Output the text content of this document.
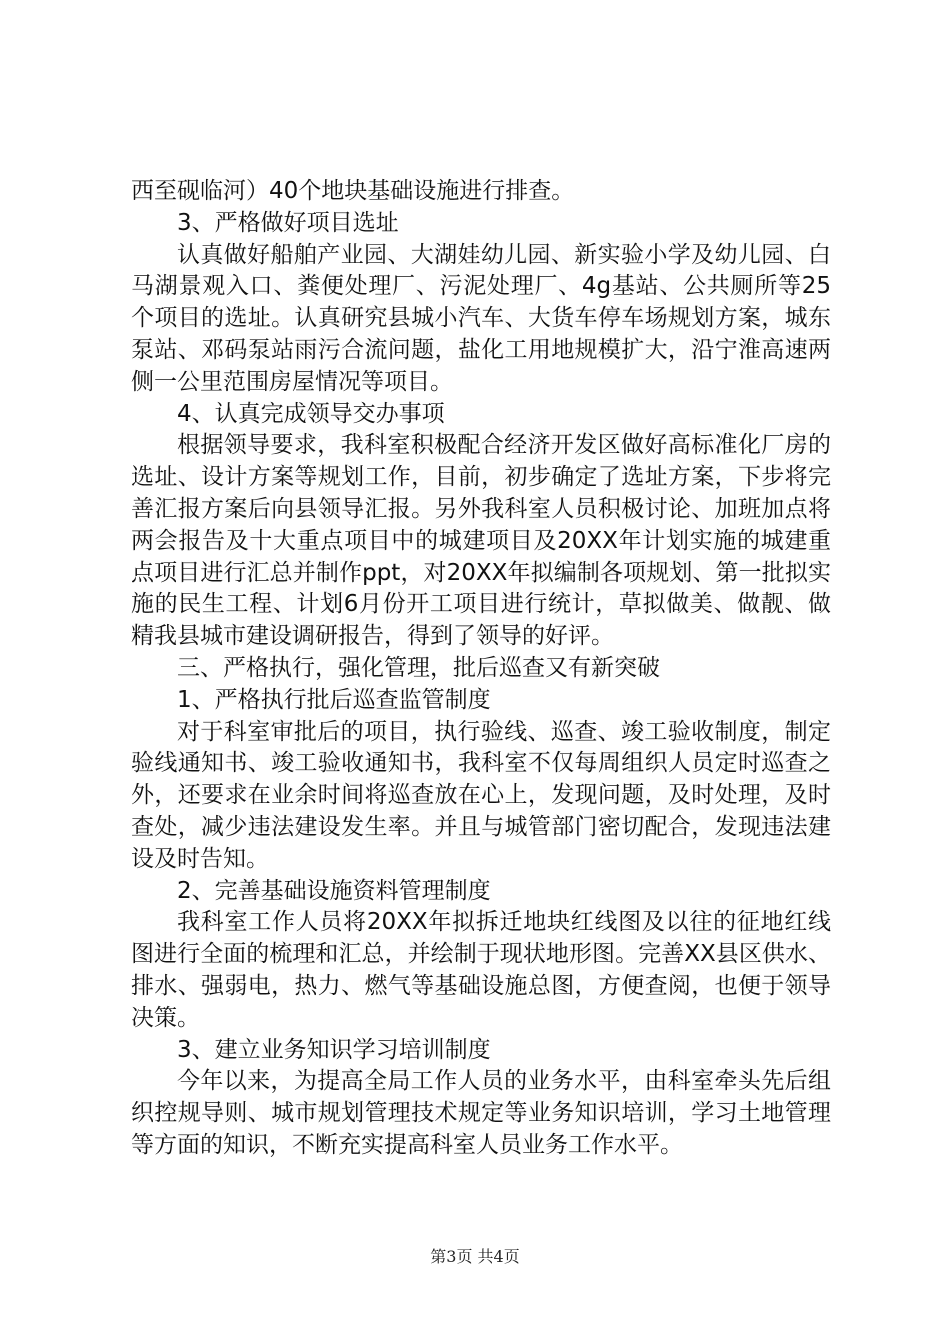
西至砚临河）40个地块基础设施进行排查。

3、严格做好项目选址

认真做好船舶产业园、大湖娃幼儿园、新实验小学及幼儿园、白马湖景观入口、粪便处理厂、污泥处理厂、4g基站、公共厕所等25个项目的选址。认真研究县城小汽车、大货车停车场规划方案，城东泵站、邓码泵站雨污合流问题，盐化工用地规模扩大，沿宁淮高速两侧一公里范围房屋情况等项目。

4、认真完成领导交办事项

根据领导要求，我科室积极配合经济开发区做好高标准化厂房的选址、设计方案等规划工作，目前，初步确定了选址方案，下步将完善汇报方案后向县领导汇报。另外我科室人员积极讨论、加班加点将两会报告及十大重点项目中的城建项目及20XX年计划实施的城建重点项目进行汇总并制作ppt，对20XX年拟编制各项规划、第一批拟实施的民生工程、计划6月份开工项目进行统计，草拟做美、做靓、做精我县城市建设调研报告，得到了领导的好评。

三、严格执行，强化管理，批后巡查又有新突破

1、严格执行批后巡查监管制度

对于科室审批后的项目，执行验线、巡查、竣工验收制度，制定验线通知书、竣工验收通知书，我科室不仅每周组织人员定时巡查之外，还要求在业余时间将巡查放在心上，发现问题，及时处理，及时查处，减少违法建设发生率。并且与城管部门密切配合，发现违法建设及时告知。

2、完善基础设施资料管理制度

我科室工作人员将20XX年拟拆迁地块红线图及以往的征地红线图进行全面的梳理和汇总，并绘制于现状地形图。完善XX县区供水、排水、强弱电，热力、燃气等基础设施总图，方便查阅，也便于领导决策。

3、建立业务知识学习培训制度

今年以来，为提高全局工作人员的业务水平，由科室牵头先后组织控规导则、城市规划管理技术规定等业务知识培训，学习土地管理等方面的知识，不断充实提高科室人员业务工作水平。

第3页 共4页
